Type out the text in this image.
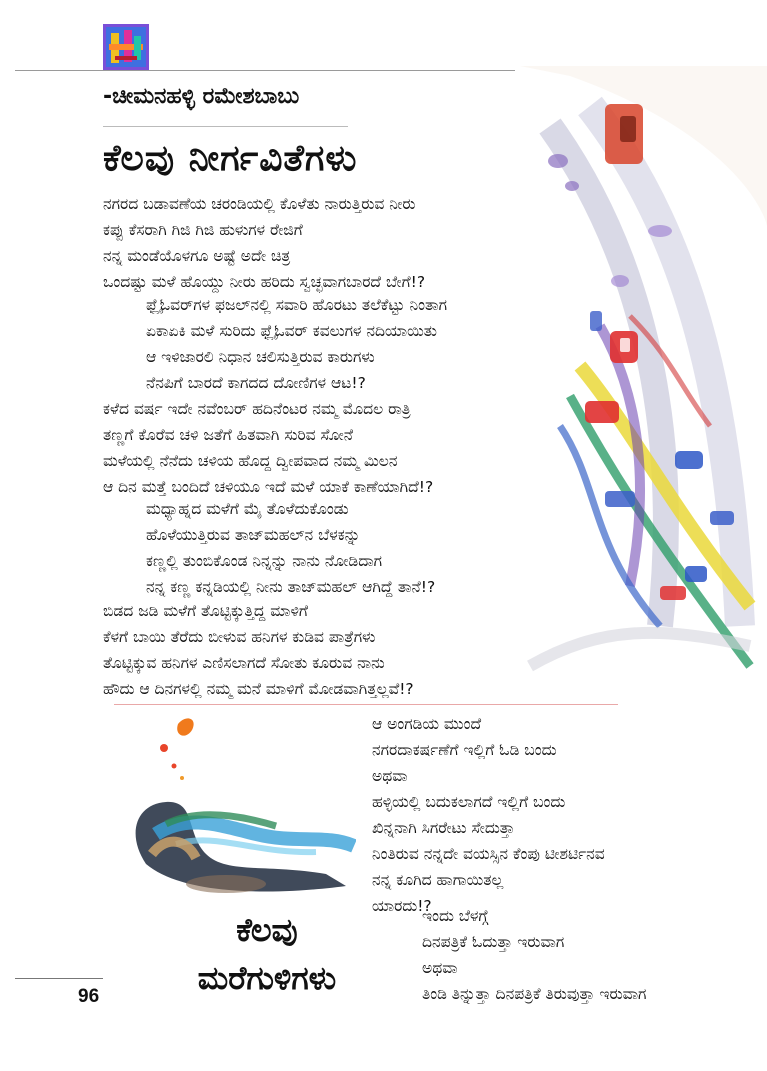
-ಚೀಮನಹಳ್ಳಿ ರಮೇಶಬಾಬು
ಕೆಲವು ನೀರ್ಗವಿತೆಗಳು
ನಗರದ ಬಡಾವಣೆಯ ಚರಂಡಿಯಲ್ಲಿ ಕೊಳೆತು ನಾರುತ್ತಿರುವ ನೀರು
ಕಪ್ಪು ಕೆಸರಾಗಿ ಗಿಜಿ ಗಿಜಿ ಹುಳುಗಳ ರೇಜಿಗೆ
ನನ್ನ ಮಂಡೆಯೊಳಗೂ ಅಷ್ಟೆ ಅದೇ ಚಿತ್ರ
ಒಂದಷ್ಟು ಮಳೆ ಹೊಯ್ದು ನೀರು ಹರಿದು ಸ್ವಚ್ಛವಾಗಬಾರದೆ ಬೇಗೆ!?
ಫ್ಲೈಓವರ್‌ಗಳ ಫಜಲ್‌ನಲ್ಲಿ ಸವಾರಿ ಹೊರಟು ತಲೆಕೆಟ್ಟು ನಿಂತಾಗ
ಏಕಾಏಕಿ ಮಳೆ ಸುರಿದು ಫ್ಲೈಓವರ್ ಕವಲುಗಳ ನದಿಯಾಯಿತು
ಆ ಇಳಿಜಾರಲಿ ನಿಧಾನ ಚಲಿಸುತ್ತಿರುವ ಕಾರುಗಳು
ನೆನಪಿಗೆ ಬಾರದೆ ಕಾಗದದ ದೋಣಿಗಳ ಆಟ!?
ಕಳೆದ ವರ್ಷ ಇದೇ ನವೆಂಬರ್ ಹದಿನೆಂಟರ ನಮ್ಮ ಮೊದಲ ರಾತ್ರಿ
ತಣ್ಣಗೆ ಕೊರೆವ ಚಳಿ ಜತೆಗೆ ಹಿತವಾಗಿ ಸುರಿವ ಸೋನೆ
ಮಳೆಯಲ್ಲಿ ನೆನೆದು ಚಳಿಯ ಹೊದ್ದ ದ್ವೀಪವಾದ ನಮ್ಮ ಮಿಲನ
ಆ ದಿನ ಮತ್ತೆ ಬಂದಿದೆ ಚಳಿಯೂ ಇದೆ ಮಳೆ ಯಾಕೆ ಕಾಣೆಯಾಗಿದೆ!?
ಮಧ್ಯಾಹ್ನದ ಮಳೆಗೆ ಮೈ ತೊಳೆದುಕೊಂಡು
ಹೊಳೆಯುತ್ತಿರುವ ತಾಜ್‌ಮಹಲ್‌ನ ಬೆಳಕನ್ನು
ಕಣ್ಣಲ್ಲಿ ತುಂಬಿಕೊಂಡ ನಿನ್ನನ್ನು ನಾನು ನೋಡಿದಾಗ
ನನ್ನ ಕಣ್ಣ ಕನ್ನಡಿಯಲ್ಲಿ ನೀನು ತಾಜ್‌ಮಹಲ್ ಆಗಿದ್ದೆ ತಾನೆ!?
ಬಿಡದ ಜಡಿ ಮಳೆಗೆ ತೊಟ್ಟಿಕ್ಕುತ್ತಿದ್ದ ಮಾಳಿಗೆ
ಕೆಳಗೆ ಬಾಯಿ ತೆರೆದು ಬೀಳುವ ಹನಿಗಳ ಕುಡಿವ ಪಾತ್ರೆಗಳು
ತೊಟ್ಟಿಕ್ಕುವ ಹನಿಗಳ ಎಣಿಸಲಾಗದೆ ಸೋತು ಕೂರುವ ನಾನು
ಹೌದು ಆ ದಿನಗಳಲ್ಲಿ ನಮ್ಮ ಮನೆ ಮಾಳಿಗೆ ಮೋಡವಾಗಿತ್ತಲ್ಲವೆ!?
ಆ ಅಂಗಡಿಯ ಮುಂದೆ
ನಗರದಾಕರ್ಷಣೆಗೆ ಇಲ್ಲಿಗೆ ಓಡಿ ಬಂದು
ಅಥವಾ
ಹಳ್ಳಿಯಲ್ಲಿ ಬದುಕಲಾಗದೆ ಇಲ್ಲಿಗೆ ಬಂದು
ಖಿನ್ನನಾಗಿ ಸಿಗರೇಟು ಸೇದುತ್ತಾ
ನಿಂತಿರುವ ನನ್ನದೇ ವಯಸ್ಸಿನ ಕೆಂಪು ಟೀಶರ್ಟಿನವ
ನನ್ನ ಕೂಗಿದ ಹಾಗಾಯಿತಲ್ಲ
ಯಾರದು!?
ಕೆಲವು
ಮರೆಗುಳಿಗಳು
ಇಂದು ಬೆಳಗ್ಗೆ
ದಿನಪತ್ರಿಕೆ ಓದುತ್ತಾ ಇರುವಾಗ
ಅಥವಾ
ತಿಂಡಿ ತಿನ್ನುತ್ತಾ ದಿನಪತ್ರಿಕೆ ತಿರುವುತ್ತಾ ಇರುವಾಗ
96
